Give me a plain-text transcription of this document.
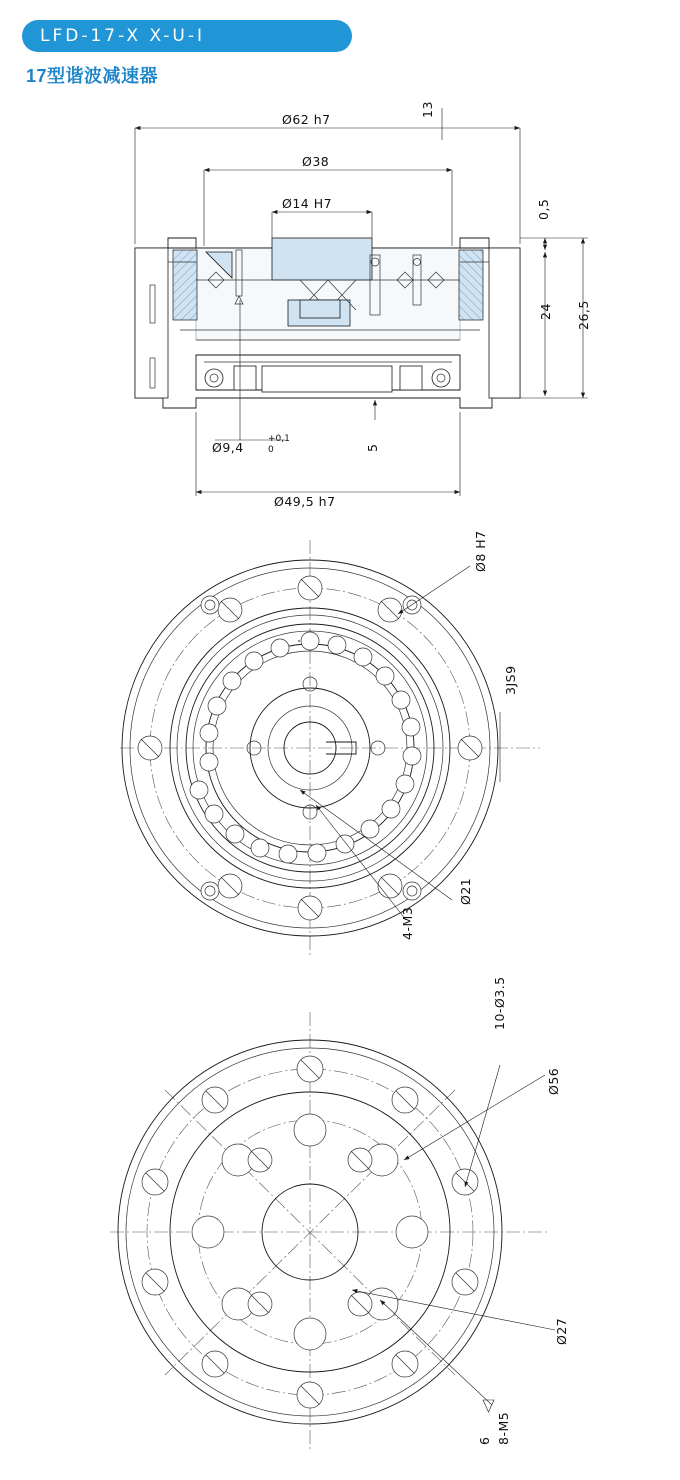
LFD-17-X X-U-I
17型谐波减速器
Ø62 h7
Ø38
Ø14 H7
13
0,5
24 26,5
Ø9,4
+0,1
0	5
Ø49,5 h7
Ø8 H7
3JS9
Ø21
4-M3
10-Ø3.5
Ø56
Ø27
8-M5
6
